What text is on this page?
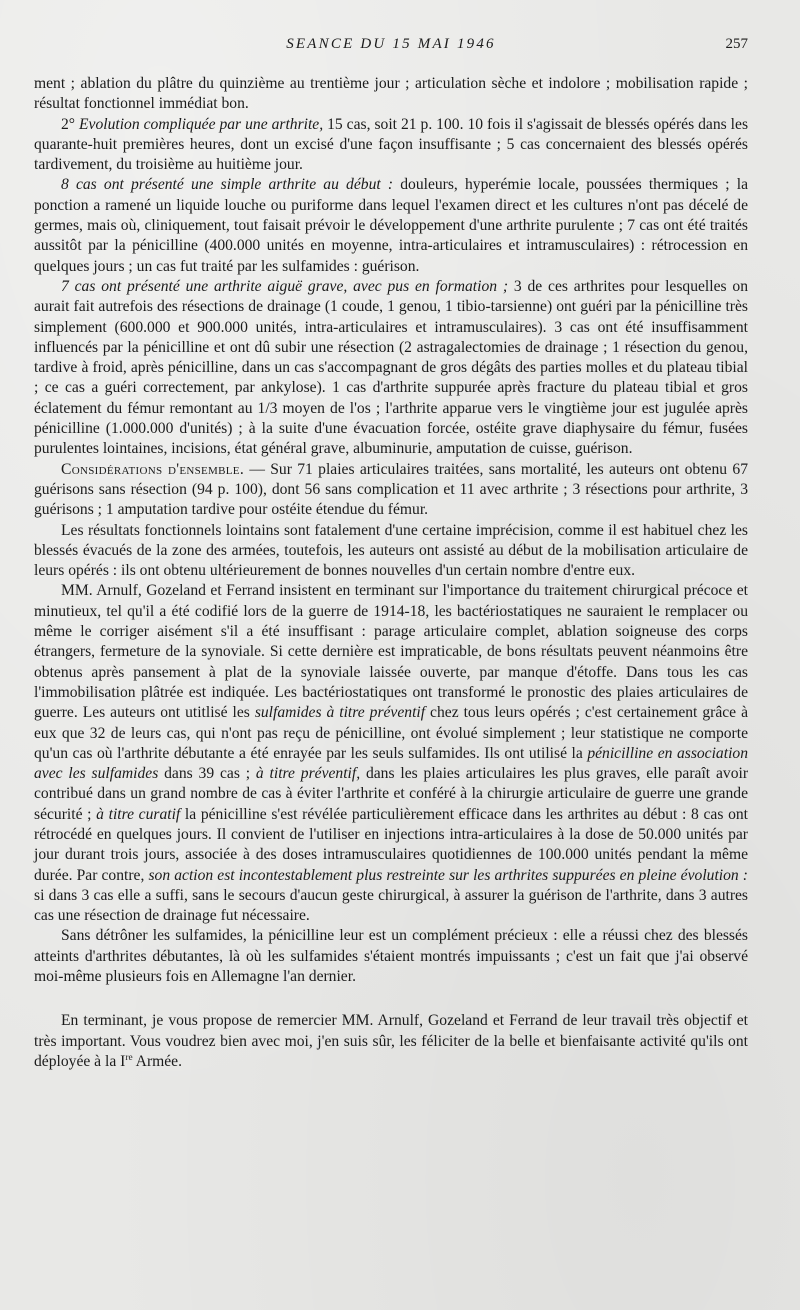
SEANCE DU 15 MAI 1946	257

ment ; ablation du plâtre du quinzième au trentième jour ; articulation sèche et indolore ; mobilisation rapide ; résultat fonctionnel immédiat bon.

2° Evolution compliquée par une arthrite, 15 cas, soit 21 p. 100. 10 fois il s'agissait de blessés opérés dans les quarante-huit premières heures, dont un excisé d'une façon insuffisante ; 5 cas concernaient des blessés opérés tardivement, du troisième au huitième jour.

8 cas ont présenté une simple arthrite au début : douleurs, hyperémie locale, poussées thermiques ; la ponction a ramené un liquide louche ou puriforme dans lequel l'examen direct et les cultures n'ont pas décelé de germes, mais où, cliniquement, tout faisait prévoir le développement d'une arthrite purulente ; 7 cas ont été traités aussitôt par la pénicilline (400.000 unités en moyenne, intra-articulaires et intramusculaires) : rétrocession en quelques jours ; un cas fut traité par les sulfamides : guérison.

7 cas ont présenté une arthrite aiguë grave, avec pus en formation ; 3 de ces arthrites pour lesquelles on aurait fait autrefois des résections de drainage (1 coude, 1 genou, 1 tibio-tarsienne) ont guéri par la pénicilline très simplement (600.000 et 900.000 unités, intra-articulaires et intramusculaires). 3 cas ont été insuffisamment influencés par la pénicilline et ont dû subir une résection (2 astragalectomies de drainage ; 1 résection du genou, tardive à froid, après pénicilline, dans un cas s'accompagnant de gros dégâts des parties molles et du plateau tibial ; ce cas a guéri correctement, par ankylose). 1 cas d'arthrite suppurée après fracture du plateau tibial et gros éclatement du fémur remontant au 1/3 moyen de l'os ; l'arthrite apparue vers le vingtième jour est jugulée après pénicilline (1.000.000 d'unités) ; à la suite d'une évacuation forcée, ostéite grave diaphysaire du fémur, fusées purulentes lointaines, incisions, état général grave, albuminurie, amputation de cuisse, guérison.

Considérations d'ensemble. — Sur 71 plaies articulaires traitées, sans mortalité, les auteurs ont obtenu 67 guérisons sans résection (94 p. 100), dont 56 sans complication et 11 avec arthrite ; 3 résections pour arthrite, 3 guérisons ; 1 amputation tardive pour ostéite étendue du fémur.

Les résultats fonctionnels lointains sont fatalement d'une certaine imprécision, comme il est habituel chez les blessés évacués de la zone des armées, toutefois, les auteurs ont assisté au début de la mobilisation articulaire de leurs opérés : ils ont obtenu ultérieurement de bonnes nouvelles d'un certain nombre d'entre eux.

MM. Arnulf, Gozeland et Ferrand insistent en terminant sur l'importance du traitement chirurgical précoce et minutieux, tel qu'il a été codifié lors de la guerre de 1914-18, les bactériostatiques ne sauraient le remplacer ou même le corriger aisément s'il a été insuffisant : parage articulaire complet, ablation soigneuse des corps étrangers, fermeture de la synoviale. Si cette dernière est impraticable, de bons résultats peuvent néanmoins être obtenus après pansement à plat de la synoviale laissée ouverte, par manque d'étoffe. Dans tous les cas l'immobilisation plâtrée est indiquée. Les bactériostatiques ont transformé le pronostic des plaies articulaires de guerre. Les auteurs ont utitlisé les sulfamides à titre préventif chez tous leurs opérés ; c'est certainement grâce à eux que 32 de leurs cas, qui n'ont pas reçu de pénicilline, ont évolué simplement ; leur statistique ne comporte qu'un cas où l'arthrite débutante a été enrayée par les seuls sulfamides. Ils ont utilisé la pénicilline en association avec les sulfamides dans 39 cas ; à titre préventif, dans les plaies articulaires les plus graves, elle paraît avoir contribué dans un grand nombre de cas à éviter l'arthrite et conféré à la chirurgie articulaire de guerre une grande sécurité ; à titre curatif la pénicilline s'est révélée particulièrement efficace dans les arthrites au début : 8 cas ont rétrocédé en quelques jours. Il convient de l'utiliser en injections intra-articulaires à la dose de 50.000 unités par jour durant trois jours, associée à des doses intramusculaires quotidiennes de 100.000 unités pendant la même durée. Par contre, son action est incontestablement plus restreinte sur les arthrites suppurées en pleine évolution : si dans 3 cas elle a suffi, sans le secours d'aucun geste chirurgical, à assurer la guérison de l'arthrite, dans 3 autres cas une résection de drainage fut nécessaire.

Sans détrôner les sulfamides, la pénicilline leur est un complément précieux : elle a réussi chez des blessés atteints d'arthrites débutantes, là où les sulfamides s'étaient montrés impuissants ; c'est un fait que j'ai observé moi-même plusieurs fois en Allemagne l'an dernier.

En terminant, je vous propose de remercier MM. Arnulf, Gozeland et Ferrand de leur travail très objectif et très important. Vous voudrez bien avec moi, j'en suis sûr, les féliciter de la belle et bienfaisante activité qu'ils ont déployée à la Ire Armée.
